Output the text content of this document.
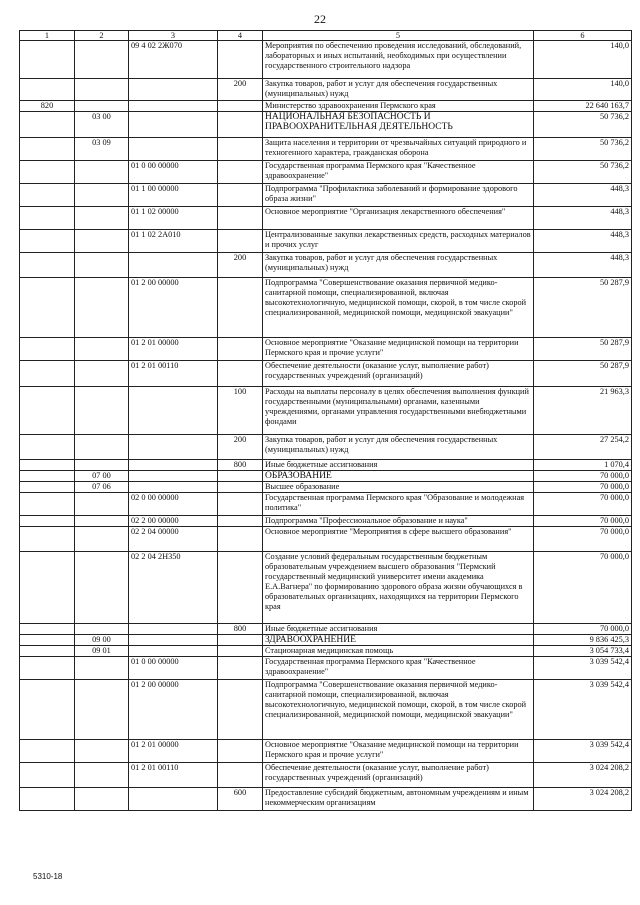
22
1	2	3	4	5	6
		09 4 02 2Ж070		Мероприятия по обеспечению проведения исследований, обследований, лабораторных и иных испытаний, необходимых при осуществлении государственного строительного надзора	140,0
			200	Закупка товаров, работ и услуг для обеспечения государственных (муниципальных) нужд	140,0
820				Министерство здравоохранения Пермского края	22 640 163,7
	03 00			НАЦИОНАЛЬНАЯ БЕЗОПАСНОСТЬ И ПРАВООХРАНИТЕЛЬНАЯ ДЕЯТЕЛЬНОСТЬ	50 736,2
	03 09			Защита населения и территории от чрезвычайных ситуаций природного и техногенного характера, гражданская оборона	50 736,2
		01 0 00 00000		Государственная программа Пермского края "Качественное здравоохранение"	50 736,2
		01 1 00 00000		Подпрограмма "Профилактика заболеваний и формирование здорового образа жизни"	448,3
		01 1 02 00000		Основное мероприятие "Организация лекарственного обеспечения"	448,3
		01 1 02 2А010		Централизованные закупки лекарственных средств, расходных материалов и прочих услуг	448,3
			200	Закупка товаров, работ и услуг для обеспечения государственных (муниципальных) нужд	448,3
		01 2 00 00000		Подпрограмма "Совершенствование оказания первичной медико-санитарной помощи, специализированной, включая высокотехнологичную, медицинской помощи, скорой, в том числе скорой специализированной, медицинской помощи, медицинской эвакуации"	50 287,9
		01 2 01 00000		Основное мероприятие "Оказание медицинской помощи на территории Пермского края и прочие услуги"	50 287,9
		01 2 01 00110		Обеспечение деятельности (оказание услуг, выполнение работ) государственных учреждений (организаций)	50 287,9
			100	Расходы на выплаты персоналу в целях обеспечения выполнения функций государственными (муниципальными) органами, казенными учреждениями, органами управления государственными внебюджетными фондами	21 963,3
			200	Закупка товаров, работ и услуг для обеспечения государственных (муниципальных) нужд	27 254,2
			800	Иные бюджетные ассигнования	1 070,4
	07 00			ОБРАЗОВАНИЕ	70 000,0
	07 06			Высшее образование	70 000,0
		02 0 00 00000		Государственная программа Пермского края "Образование и молодежная политика"	70 000,0
		02 2 00 00000		Подпрограмма "Профессиональное образование и наука"	70 000,0
		02 2 04 00000		Основное мероприятие "Мероприятия в сфере высшего образования"	70 000,0
		02 2 04 2Н350		Создание условий федеральным государственным бюджетным образовательным учреждением высшего образования "Пермский государственный медицинский университет имени академика Е.А.Вагнера" по формированию здорового образа жизни обучающихся в образовательных организациях, находящихся на территории Пермского края	70 000,0
			800	Иные бюджетные ассигнования	70 000,0
	09 00			ЗДРАВООХРАНЕНИЕ	9 836 425,3
	09 01			Стационарная медицинская помощь	3 054 733,4
		01 0 00 00000		Государственная программа Пермского края "Качественное здравоохранение"	3 039 542,4
		01 2 00 00000		Подпрограмма "Совершенствование оказания первичной медико-санитарной помощи, специализированной, включая высокотехнологичную, медицинской помощи, скорой, в том числе скорой специализированной, медицинской помощи, медицинской эвакуации"	3 039 542,4
		01 2 01 00000		Основное мероприятие "Оказание медицинской помощи на территории Пермского края и прочие услуги"	3 039 542,4
		01 2 01 00110		Обеспечение деятельности (оказание услуг, выполнение работ) государственных учреждений (организаций)	3 024 208,2
			600	Предоставление субсидий бюджетным, автономным учреждениям и иным некоммерческим организациям	3 024 208,2
5310-18
